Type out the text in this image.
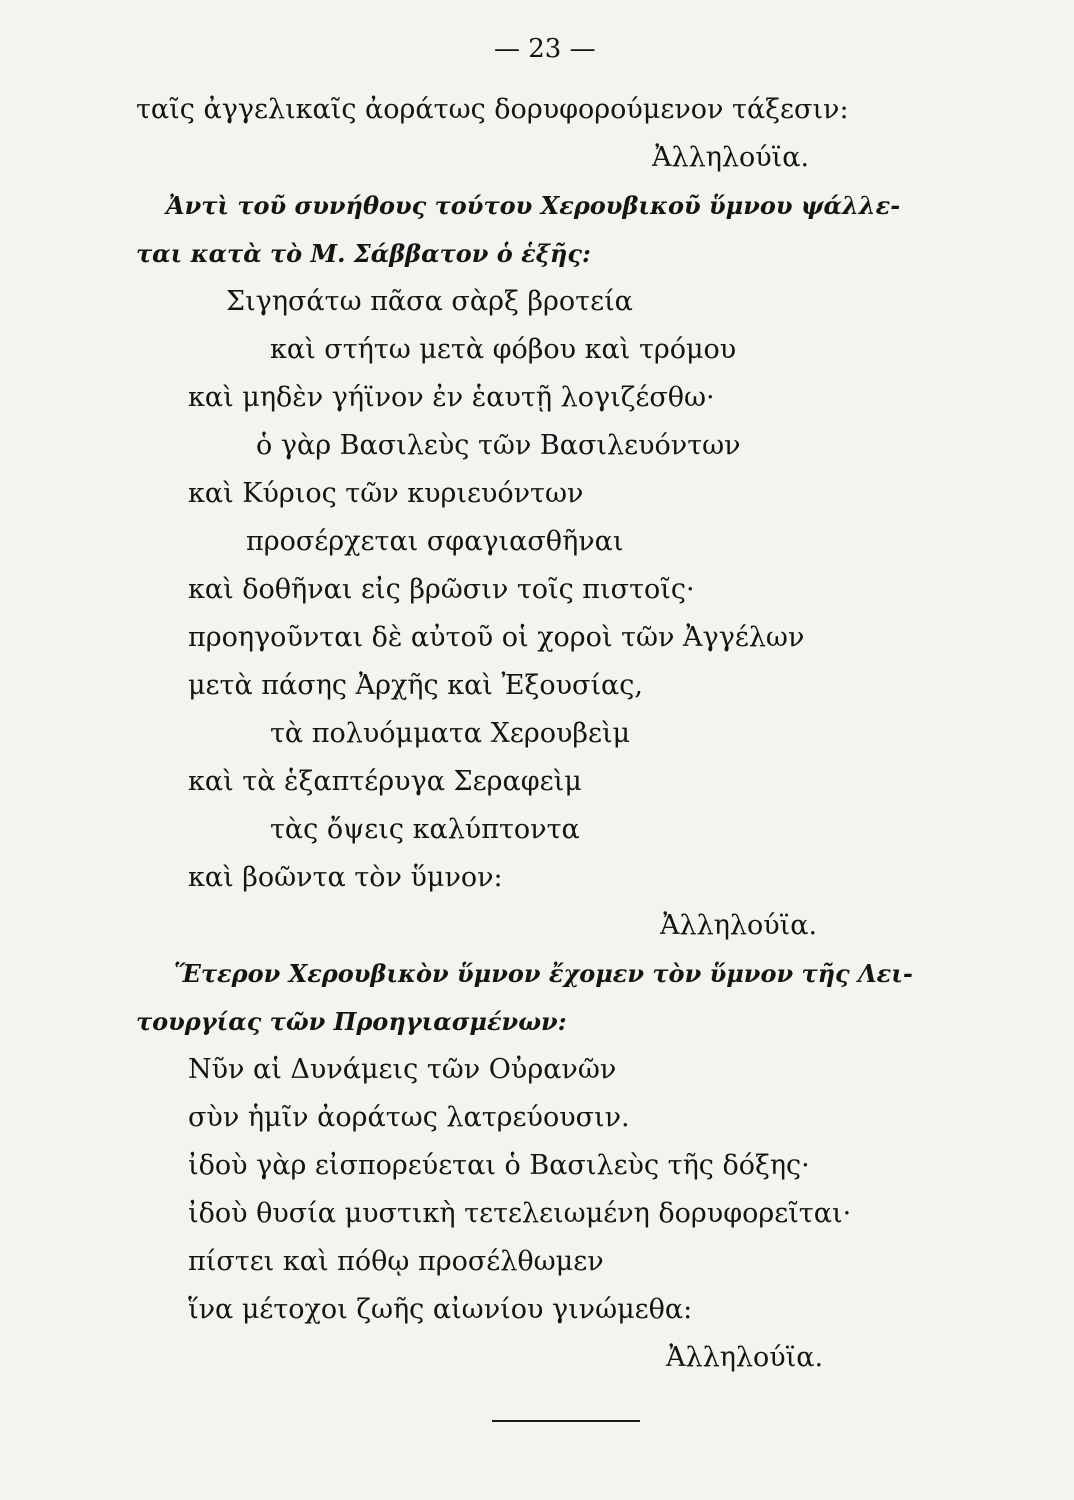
— 23 —
ταῖς ἀγγελικαῖς ἀοράτως δορυφορούμενον τάξεσιν:
Ἀλληλούϊα.
Ἀντὶ τοῦ συνήθους τούτου Χερουβικοῦ ὕμνου ψάλλε-
ται κατὰ τὸ Μ. Σάββατον ὁ ἑξῆς:
Σιγησάτω πᾶσα σὰρξ βροτεία
καὶ στήτω μετὰ φόβου καὶ τρόμου
καὶ μηδὲν γήϊνον ἐν ἑαυτῇ λογιζέσθω·
ὁ γὰρ Βασιλεὺς τῶν Βασιλευόντων
καὶ Κύριος τῶν κυριευόντων
προσέρχεται σφαγιασθῆναι
καὶ δοθῆναι εἰς βρῶσιν τοῖς πιστοῖς·
προηγοῦνται δὲ αὐτοῦ οἱ χοροὶ τῶν Ἀγγέλων
μετὰ πάσης Ἀρχῆς καὶ Ἐξουσίας,
τὰ πολυόμματα Χερουβεὶμ
καὶ τὰ ἑξαπτέρυγα Σεραφεὶμ
τὰς ὄψεις καλύπτοντα
καὶ βοῶντα τὸν ὕμνον:
Ἀλληλούϊα.
Ἕτερον Χερουβικὸν ὕμνον ἔχομεν τὸν ὕμνον τῆς Λει-
τουργίας τῶν Προηγιασμένων:
Νῦν αἱ Δυνάμεις τῶν Οὐρανῶν
σὺν ἡμῖν ἀοράτως λατρεύουσιν.
ἰδοὺ γὰρ εἰσπορεύεται ὁ Βασιλεὺς τῆς δόξης·
ἰδοὺ θυσία μυστικὴ τετελειωμένη δορυφορεῖται·
πίστει καὶ πόθῳ προσέλθωμεν
ἵνα μέτοχοι ζωῆς αἰωνίου γινώμεθα:
Ἀλληλούϊα.
